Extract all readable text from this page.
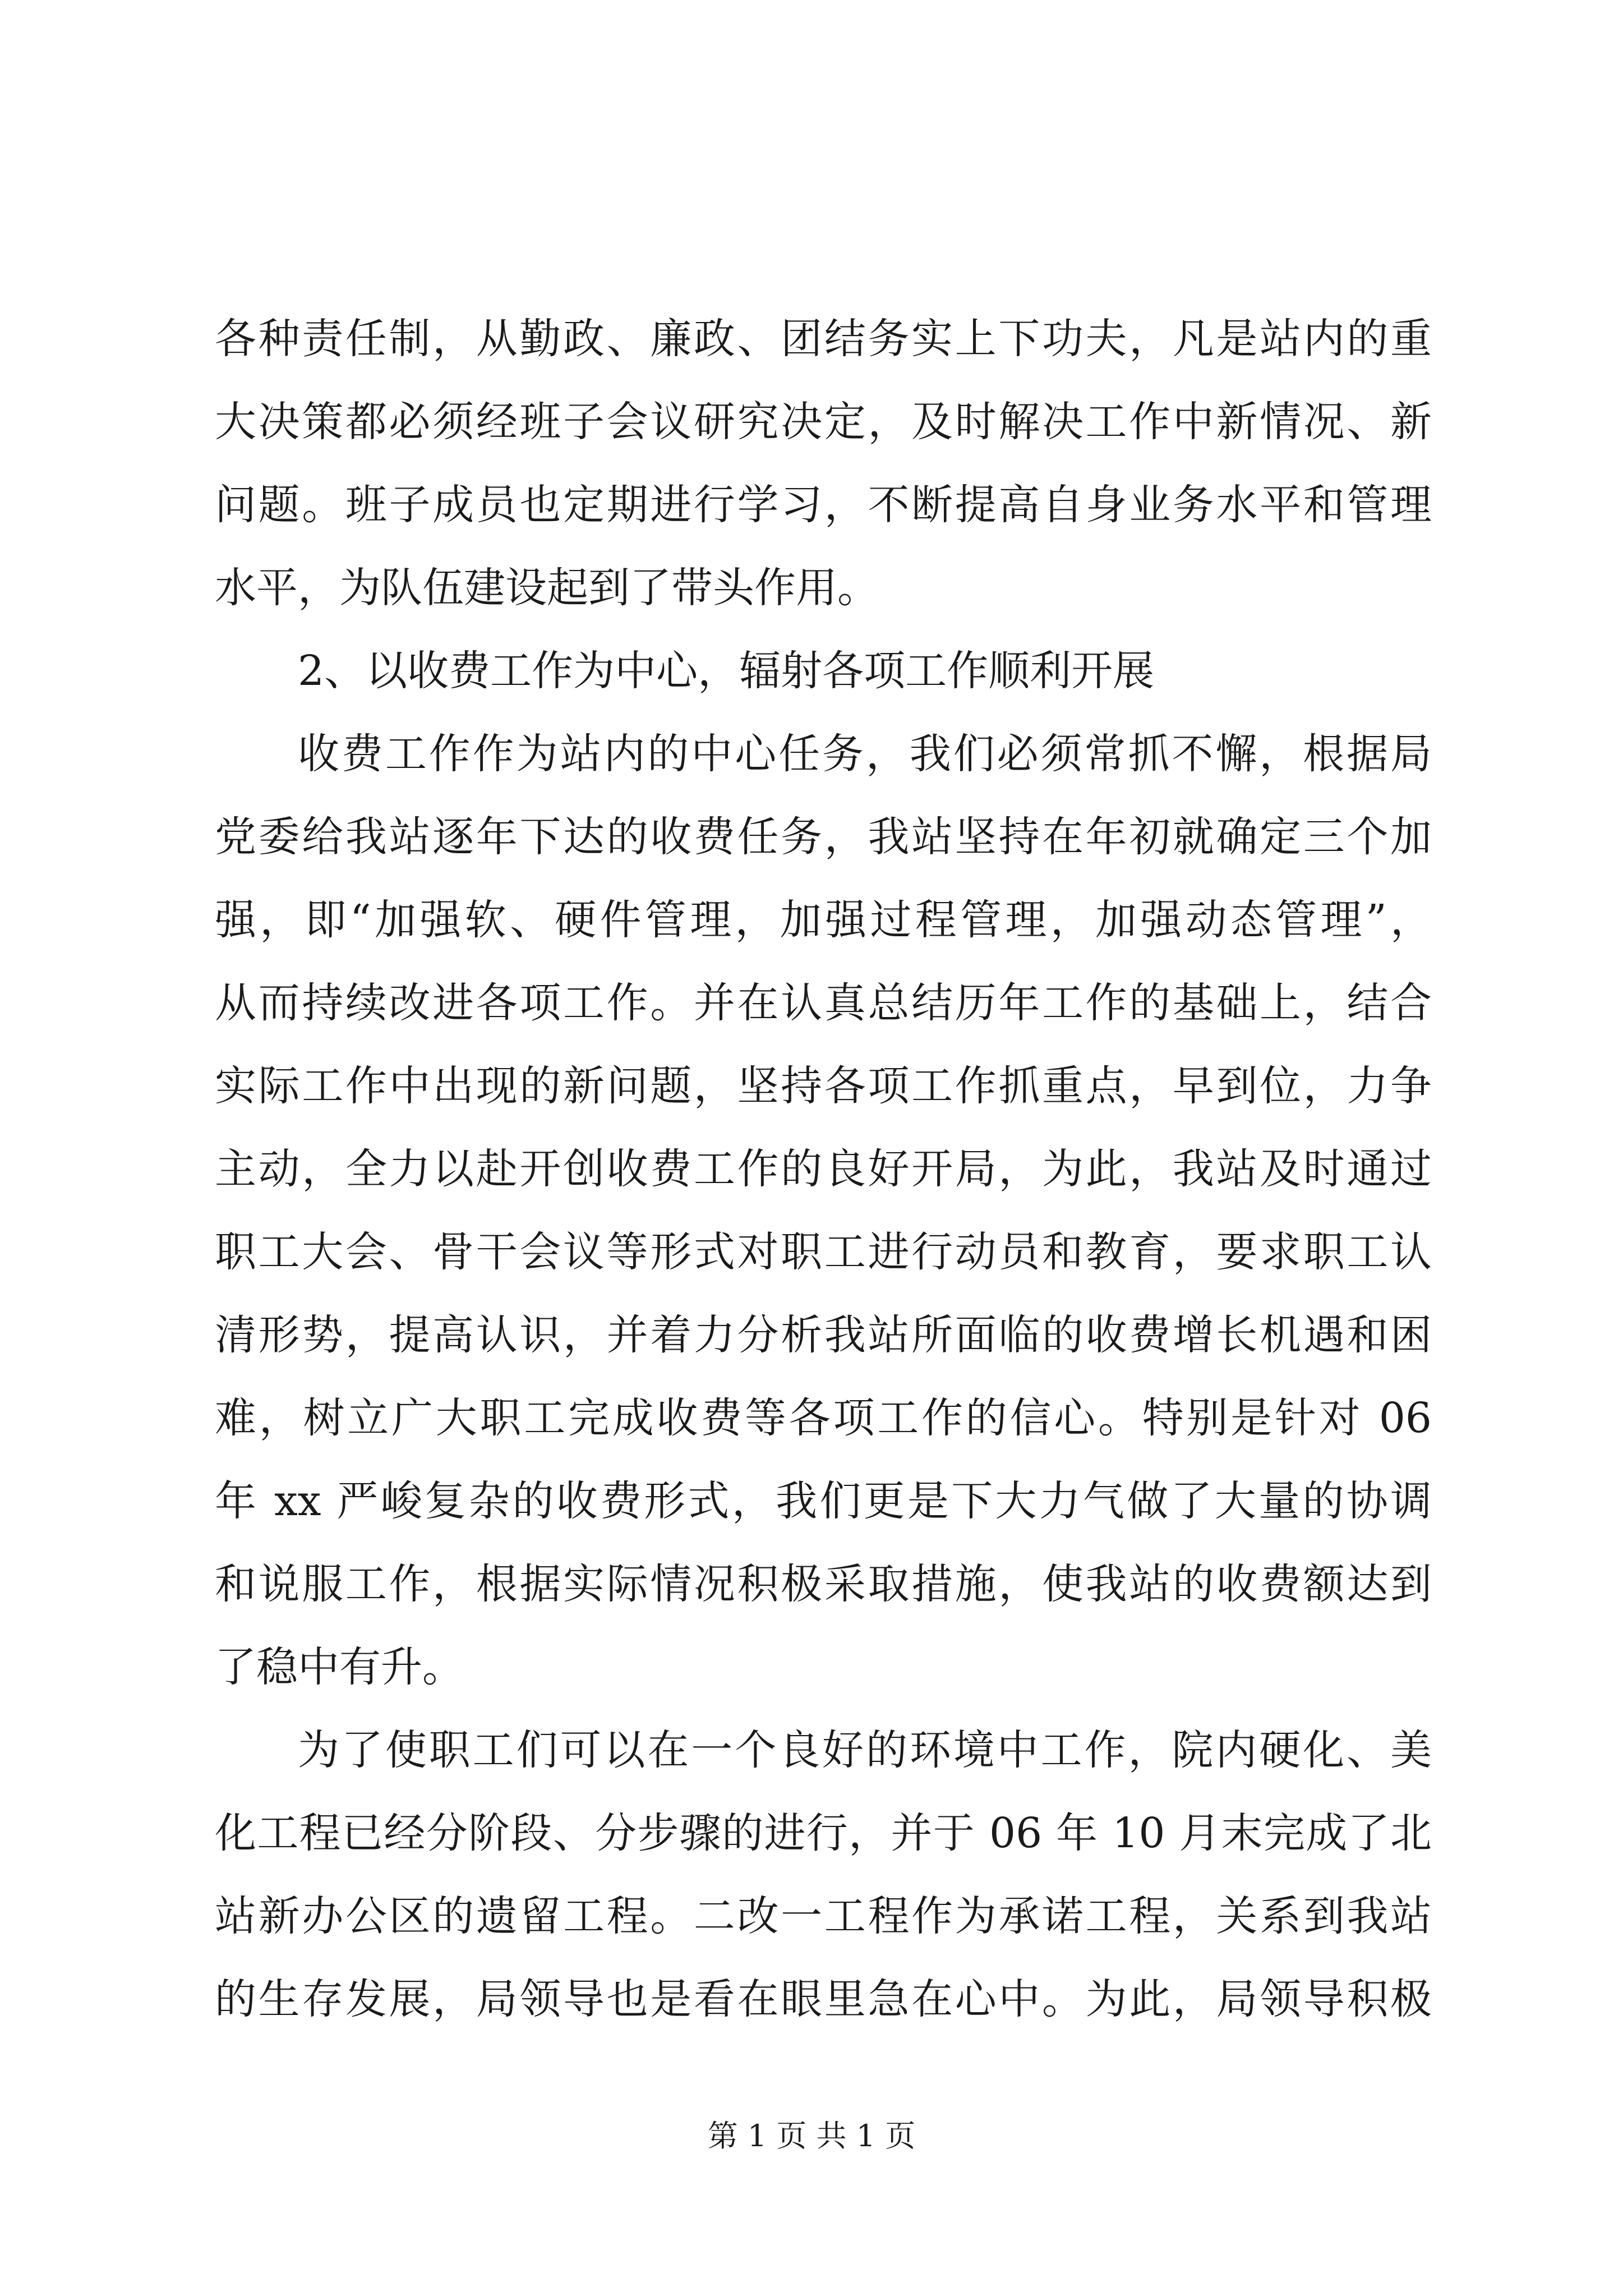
各种责任制，从勤政、廉政、团结务实上下功夫，凡是站内的重
大决策都必须经班子会议研究决定，及时解决工作中新情况、新
问题。班子成员也定期进行学习，不断提高自身业务水平和管理
水平，为队伍建设起到了带头作用。
2、以收费工作为中心，辐射各项工作顺利开展
收费工作作为站内的中心任务，我们必须常抓不懈，根据局
党委给我站逐年下达的收费任务，我站坚持在年初就确定三个加
强，即“加强软、硬件管理，加强过程管理，加强动态管理”，
从而持续改进各项工作。并在认真总结历年工作的基础上，结合
实际工作中出现的新问题，坚持各项工作抓重点，早到位，力争
主动，全力以赴开创收费工作的良好开局，为此，我站及时通过
职工大会、骨干会议等形式对职工进行动员和教育，要求职工认
清形势，提高认识，并着力分析我站所面临的收费增长机遇和困
难，树立广大职工完成收费等各项工作的信心。特别是针对 06
年 xx 严峻复杂的收费形式，我们更是下大力气做了大量的协调
和说服工作，根据实际情况积极采取措施，使我站的收费额达到
了稳中有升。
为了使职工们可以在一个良好的环境中工作，院内硬化、美
化工程已经分阶段、分步骤的进行，并于 06 年 10 月末完成了北
站新办公区的遗留工程。二改一工程作为承诺工程，关系到我站
的生存发展，局领导也是看在眼里急在心中。为此，局领导积极
第 1 页 共 1 页
